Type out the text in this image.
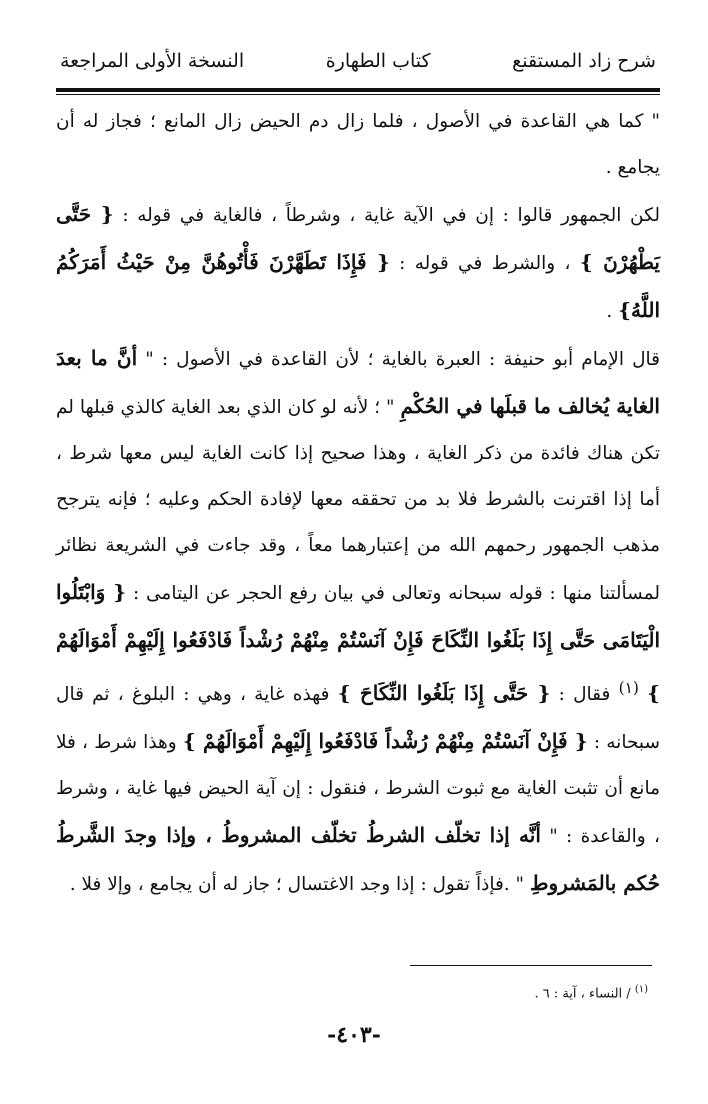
النسخة الأولى المراجعة	كتاب الطهارة	شرح زاد المستقنع

" كما هي القاعدة في الأصول ، فلما زال دم الحيض زال المانع ؛ فجاز له أن يجامع .

لكن الجمهور قالوا : إن في الآية غاية ، وشرطاً ، فالغاية في قوله : { حَتَّى يَطْهُرْنَ } ، والشرط في قوله : { فَإِذَا تَطَهَّرْنَ فَأْتُوهُنَّ مِنْ حَيْثُ أَمَرَكُمُ اللَّهُ} .

قال الإمام أبو حنيفة : العبرة بالغاية ؛ لأن القاعدة في الأصول : " أنَّ ما بعدَ الغاية يُخالف ما قبلَها في الحُكْمِ " ؛ لأنه لو كان الذي بعد الغاية كالذي قبلها لم تكن هناك فائدة من ذكر الغاية ، وهذا صحيح إذا كانت الغاية ليس معها شرط ، أما إذا اقترنت بالشرط فلا بد من تحققه معها لإفادة الحكم وعليه ؛ فإنه يترجح مذهب الجمهور رحمهم الله من إعتبارهما معاً ، وقد جاءت في الشريعة نظائر لمسألتنا منها : قوله سبحانه وتعالى في بيان رفع الحجر عن اليتامى : { وَابْتَلُوا الْيَتَامَى حَتَّى إِذَا بَلَغُوا النِّكَاحَ فَإِنْ آنَسْتُمْ مِنْهُمْ رُشْداً فَادْفَعُوا إِلَيْهِمْ أَمْوَالَهُمْ } $^{(١)}$ فقال : { حَتَّى إِذَا بَلَغُوا النِّكَاحَ } فهذه غاية ، وهي : البلوغ ، ثم قال سبحانه : { فَإِنْ آنَسْتُمْ مِنْهُمْ رُشْداً فَادْفَعُوا إِلَيْهِمْ أَمْوَالَهُمْ } وهذا شرط ، فلا مانع أن تثبت الغاية مع ثبوت الشرط ، فنقول : إن آية الحيض فيها غاية ، وشرط ، والقاعدة : " أنَّه إذا تخلّف الشرطُ تخلّف المشروطُ ، وإذا وجدَ الشَّرطُ حُكم بالمَشروطِ " .فإذاً تقول : إذا وجد الاغتسال ؛ جاز له أن يجامع ، وإلا فلا .

$^{(١)}$ / النساء ، آية : ٦ .
-٤٠٣-
